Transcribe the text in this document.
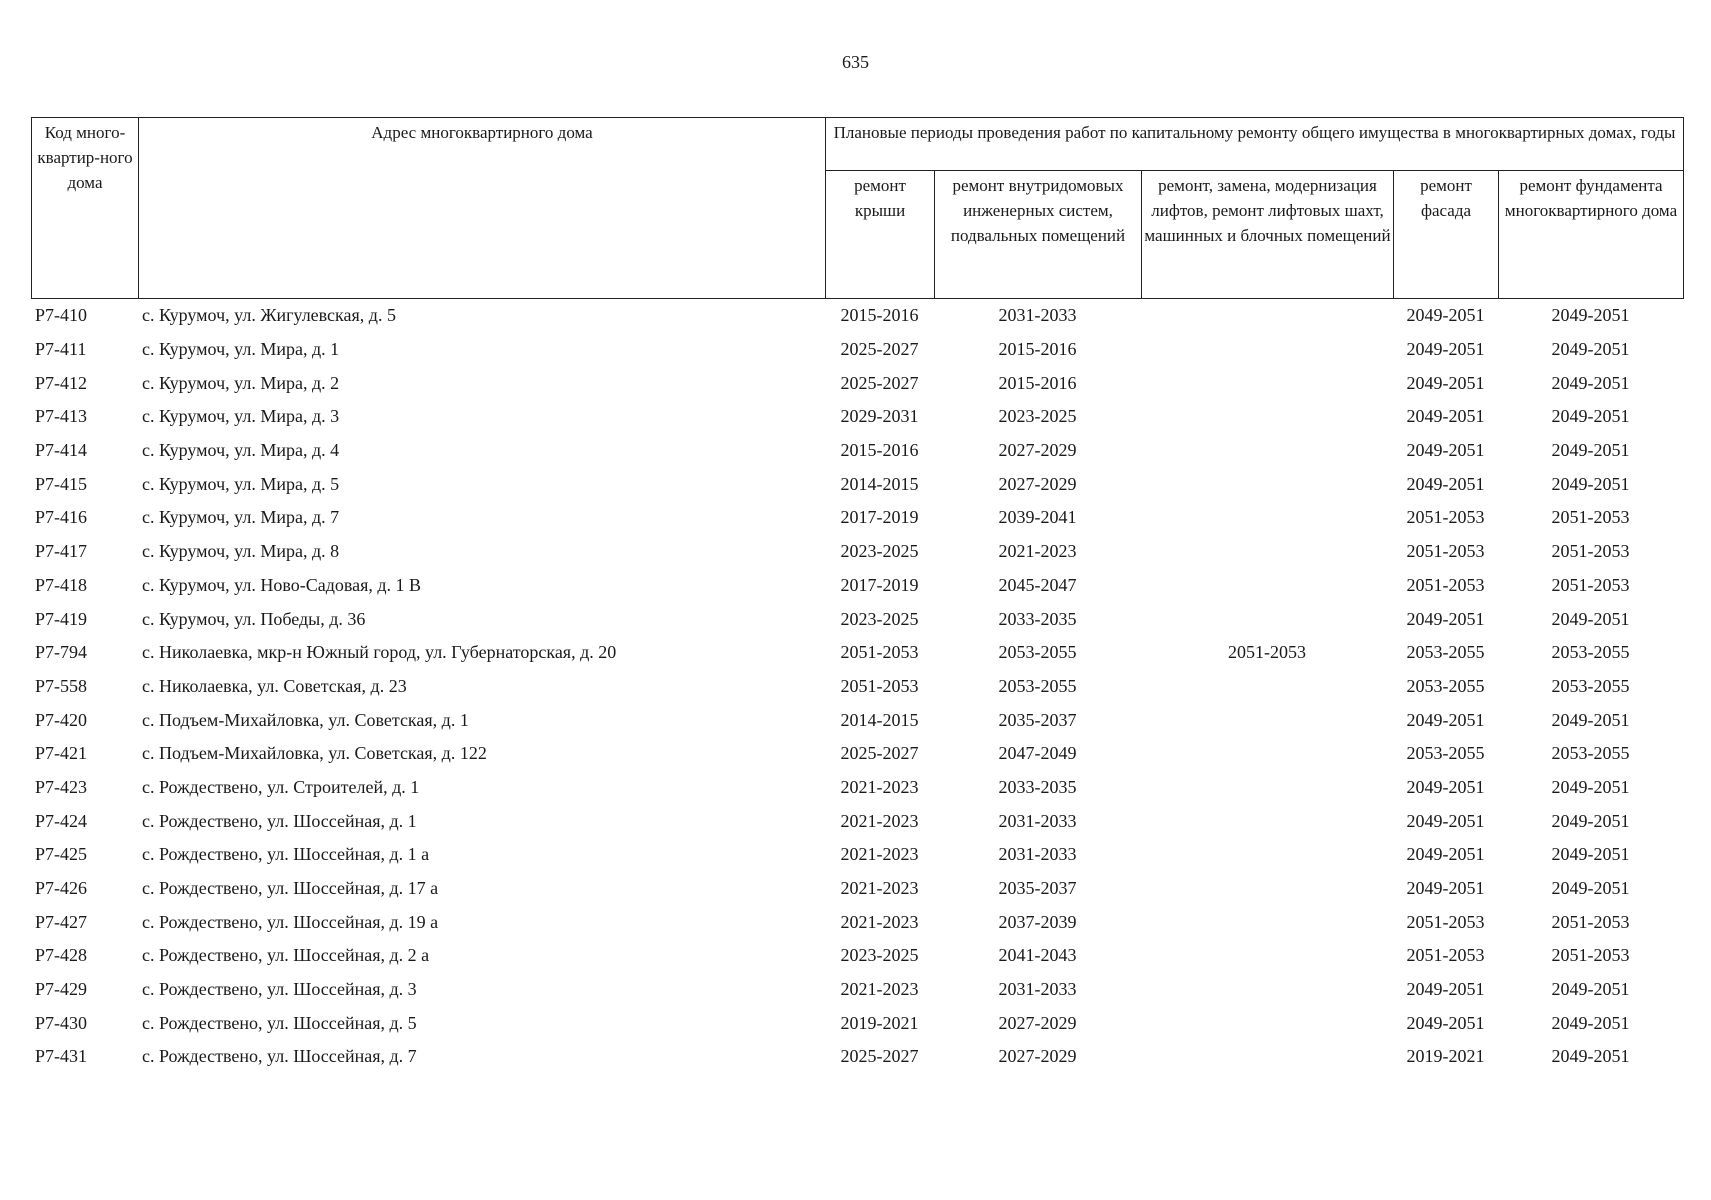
635
Код много-квартир-ного дома	Адрес многоквартирного дома	Плановые периоды проведения работ по капитальному ремонту общего имущества в многоквартирных домах, годы				
		ремонт крыши	ремонт внутридомовых инженерных систем, подвальных помещений	ремонт, замена, модернизация лифтов, ремонт лифтовых шахт, машинных и блочных помещений	ремонт фасада	ремонт фундамента многоквартирного дома
Р7-410	с. Курумоч, ул. Жигулевская, д. 5	2015-2016	2031-2033		2049-2051	2049-2051
Р7-411	с. Курумоч, ул. Мира, д. 1	2025-2027	2015-2016		2049-2051	2049-2051
Р7-412	с. Курумоч, ул. Мира, д. 2	2025-2027	2015-2016		2049-2051	2049-2051
Р7-413	с. Курумоч, ул. Мира, д. 3	2029-2031	2023-2025		2049-2051	2049-2051
Р7-414	с. Курумоч, ул. Мира, д. 4	2015-2016	2027-2029		2049-2051	2049-2051
Р7-415	с. Курумоч, ул. Мира, д. 5	2014-2015	2027-2029		2049-2051	2049-2051
Р7-416	с. Курумоч, ул. Мира, д. 7	2017-2019	2039-2041		2051-2053	2051-2053
Р7-417	с. Курумоч, ул. Мира, д. 8	2023-2025	2021-2023		2051-2053	2051-2053
Р7-418	с. Курумоч, ул. Ново-Садовая, д. 1 В	2017-2019	2045-2047		2051-2053	2051-2053
Р7-419	с. Курумоч, ул. Победы, д. 36	2023-2025	2033-2035		2049-2051	2049-2051
Р7-794	с. Николаевка, мкр-н Южный город, ул. Губернаторская, д. 20	2051-2053	2053-2055	2051-2053	2053-2055	2053-2055
Р7-558	с. Николаевка, ул. Советская, д. 23	2051-2053	2053-2055		2053-2055	2053-2055
Р7-420	с. Подъем-Михайловка, ул. Советская, д. 1	2014-2015	2035-2037		2049-2051	2049-2051
Р7-421	с. Подъем-Михайловка, ул. Советская, д. 122	2025-2027	2047-2049		2053-2055	2053-2055
Р7-423	с. Рождествено, ул. Строителей, д. 1	2021-2023	2033-2035		2049-2051	2049-2051
Р7-424	с. Рождествено, ул. Шоссейная, д. 1	2021-2023	2031-2033		2049-2051	2049-2051
Р7-425	с. Рождествено, ул. Шоссейная, д. 1 а	2021-2023	2031-2033		2049-2051	2049-2051
Р7-426	с. Рождествено, ул. Шоссейная, д. 17 а	2021-2023	2035-2037		2049-2051	2049-2051
Р7-427	с. Рождествено, ул. Шоссейная, д. 19 а	2021-2023	2037-2039		2051-2053	2051-2053
Р7-428	с. Рождествено, ул. Шоссейная, д. 2 а	2023-2025	2041-2043		2051-2053	2051-2053
Р7-429	с. Рождествено, ул. Шоссейная, д. 3	2021-2023	2031-2033		2049-2051	2049-2051
Р7-430	с. Рождествено, ул. Шоссейная, д. 5	2019-2021	2027-2029		2049-2051	2049-2051
Р7-431	с. Рождествено, ул. Шоссейная, д. 7	2025-2027	2027-2029		2019-2021	2049-2051
